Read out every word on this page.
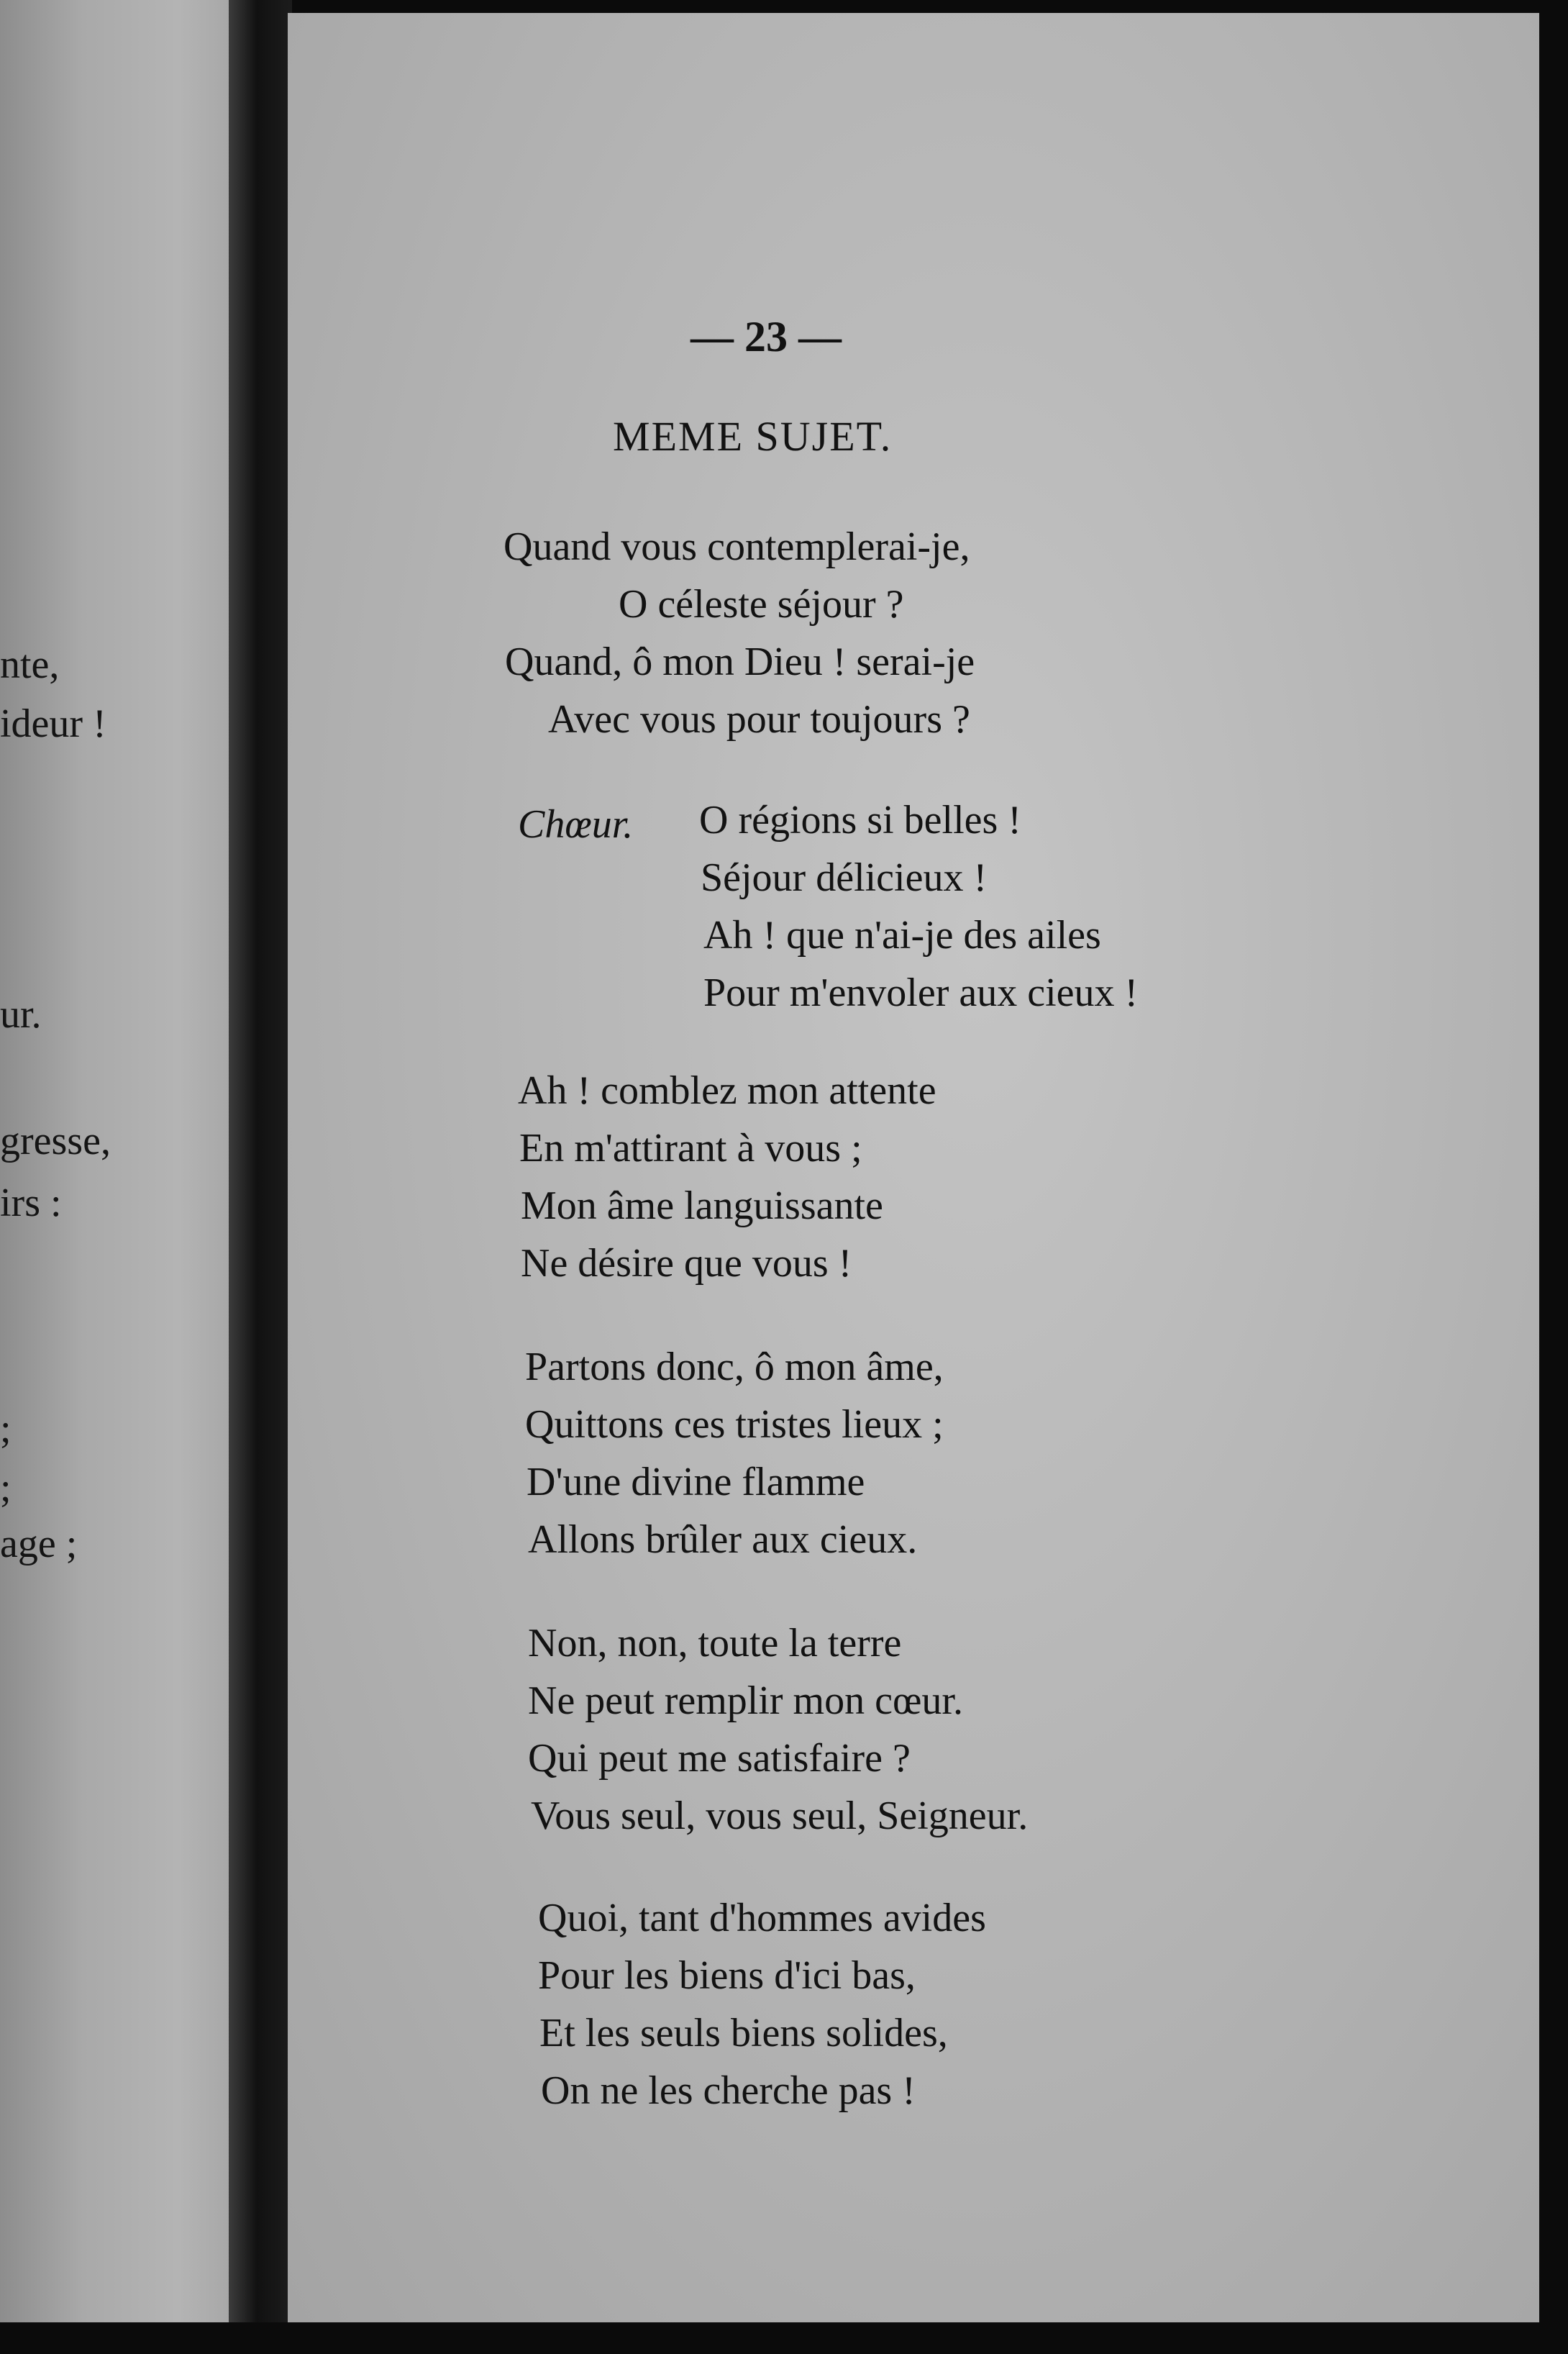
nte,
ideur !
ur.
gresse,
irs :
;
;
age ;
— 23 —
MEME SUJET.
Quand vous contemplerai-je,
O céleste séjour ?
Quand, ô mon Dieu ! serai-je
Avec vous pour toujours ?
Chœur. O régions si belles !
Séjour délicieux !
Ah ! que n'ai-je des ailes
Pour m'envoler aux cieux !
Ah ! comblez mon attente
En m'attirant à vous ;
Mon âme languissante
Ne désire que vous !
Partons donc, ô mon âme,
Quittons ces tristes lieux ;
D'une divine flamme
Allons brûler aux cieux.
Non, non, toute la terre
Ne peut remplir mon cœur.
Qui peut me satisfaire ?
Vous seul, vous seul, Seigneur.
Quoi, tant d'hommes avides
Pour les biens d'ici bas,
Et les seuls biens solides,
On ne les cherche pas !
